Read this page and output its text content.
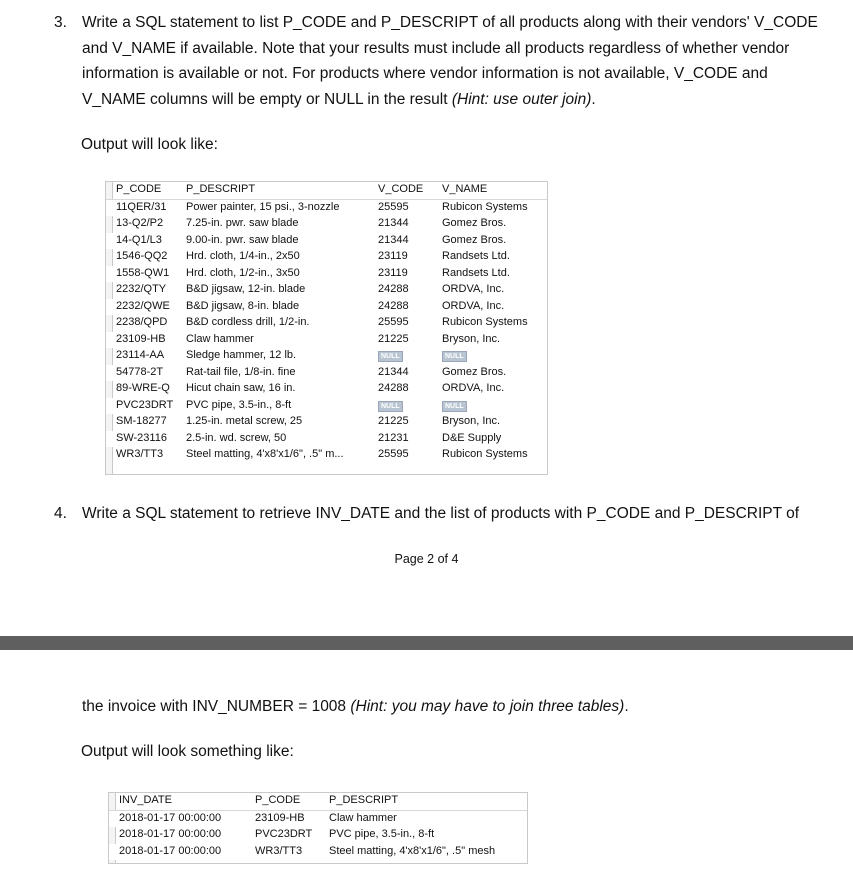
3. Write a SQL statement to list P_CODE and P_DESCRIPT of all products along with their vendors' V_CODE
and V_NAME if available. Note that your results must include all products regardless of whether vendor
information is available or not. For products where vendor information is not available, V_CODE and
V_NAME columns will be empty or NULL in the result (Hint: use outer join).
Output will look like:
P_CODE P_DESCRIPT	V_CODE V_NAME
11QER/31 Power painter, 15 psi., 3-nozzle	25595	Rubicon Systems
13-Q2/P2 7.25-in. pwr. saw blade	21344	Gomez Bros.
14-Q1/L3 9.00-in. pwr. saw blade	21344	Gomez Bros.
1546-QQ2 Hrd. cloth, 1/4-in., 2x50	23119	Randsets Ltd.
1558-QW1 Hrd. cloth, 1/2-in., 3x50	23119	Randsets Ltd.
2232/QTY B&D jigsaw, 12-in. blade	24288	ORDVA, Inc.
2232/QWE B&D jigsaw, 8-in. blade	24288	ORDVA, Inc.
2238/QPD B&D cordless drill, 1/2-in.	25595	Rubicon Systems
23109-HB Claw hammer	21225	Bryson, Inc.
23114-AA Sledge hammer, 12 lb.	NULL	NULL
54778-2T Rat-tail file, 1/8-in. fine	21344	Gomez Bros.
89-WRE-Q Hicut chain saw, 16 in.	24288	ORDVA, Inc.
PVC23DRT PVC pipe, 3.5-in., 8-ft	NULL	NULL
SM-18277 1.25-in. metal screw, 25	21225	Bryson, Inc.
SW-23116 2.5-in. wd. screw, 50	21231	D&E Supply
WR3/TT3 Steel matting, 4'x8'x1/6", .5" m...	25595	Rubicon Systems
4. Write a SQL statement to retrieve INV_DATE and the list of products with P_CODE and P_DESCRIPT of
Page 2 of 4
the invoice with INV_NUMBER = 1008 (Hint: you may have to join three tables).
Output will look something like:
INV_DATE	P_CODE	P_DESCRIPT
2018-01-17 00:00:00	23109-HB Claw hammer
2018-01-17 00:00:00	PVC23DRT PVC pipe, 3.5-in., 8-ft
2018-01-17 00:00:00	WR3/TT3 Steel matting, 4'x8'x1/6", .5" mesh
